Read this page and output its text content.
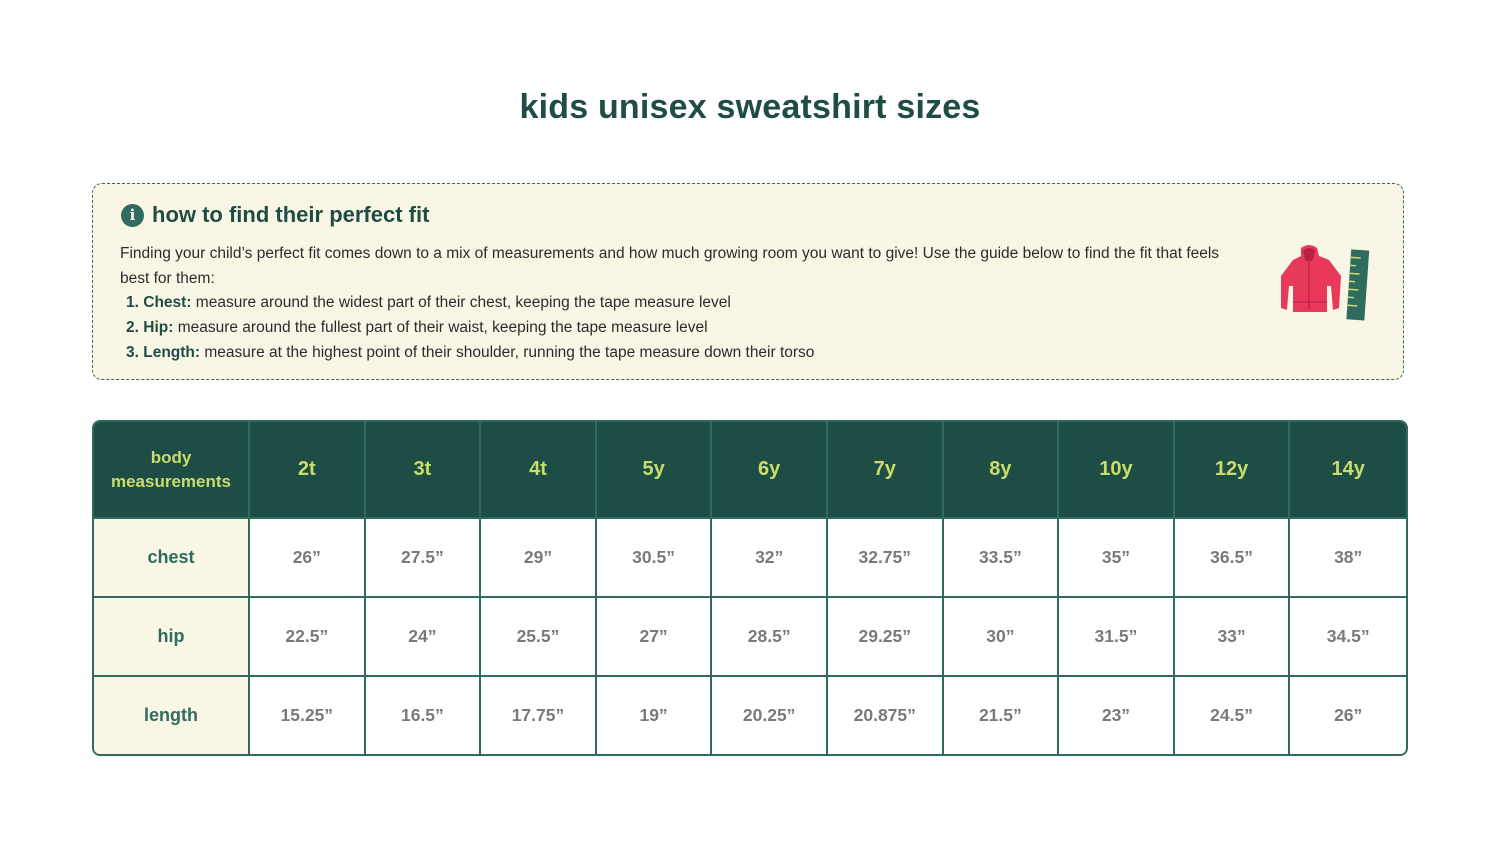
kids unisex sweatshirt sizes
i how to find their perfect fit

Finding your child’s perfect fit comes down to a mix of measurements and how much growing room you want to give! Use the guide below to find the fit that feels best for them:

1. Chest: measure around the widest part of their chest, keeping the tape measure level
2. Hip: measure around the fullest part of their waist, keeping the tape measure level
3. Length: measure at the highest point of their shoulder, running the tape measure down their torso
body
measurements	2t	3t	4t	5y	6y	7y	8y	10y	12y	14y
chest	26”	27.5”	29”	30.5”	32”	32.75”	33.5”	35”	36.5”	38”
hip	22.5”	24”	25.5”	27”	28.5”	29.25”	30”	31.5”	33”	34.5”
length	15.25”	16.5”	17.75”	19”	20.25”	20.875”	21.5”	23”	24.5”	26”
